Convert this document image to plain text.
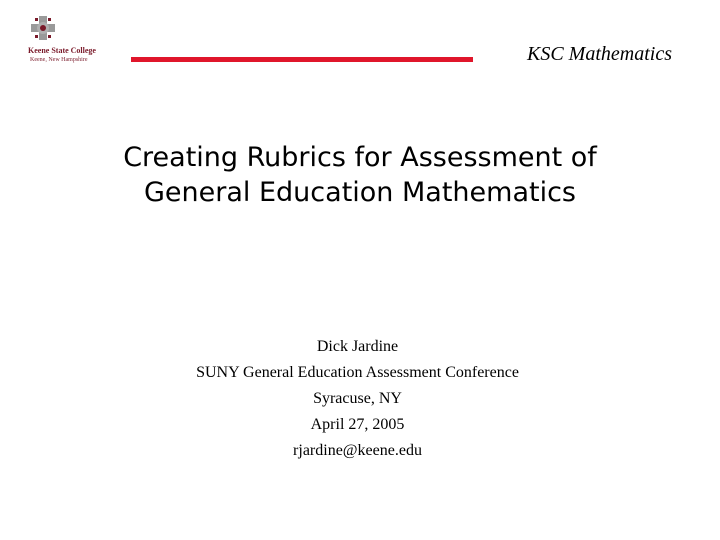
Keene State College
Keene, New Hampshire	KSC Mathematics
Creating Rubrics for Assessment of
General Education Mathematics
Dick Jardine
SUNY General Education Assessment Conference
Syracuse, NY
April 27, 2005
rjardine@keene.edu
